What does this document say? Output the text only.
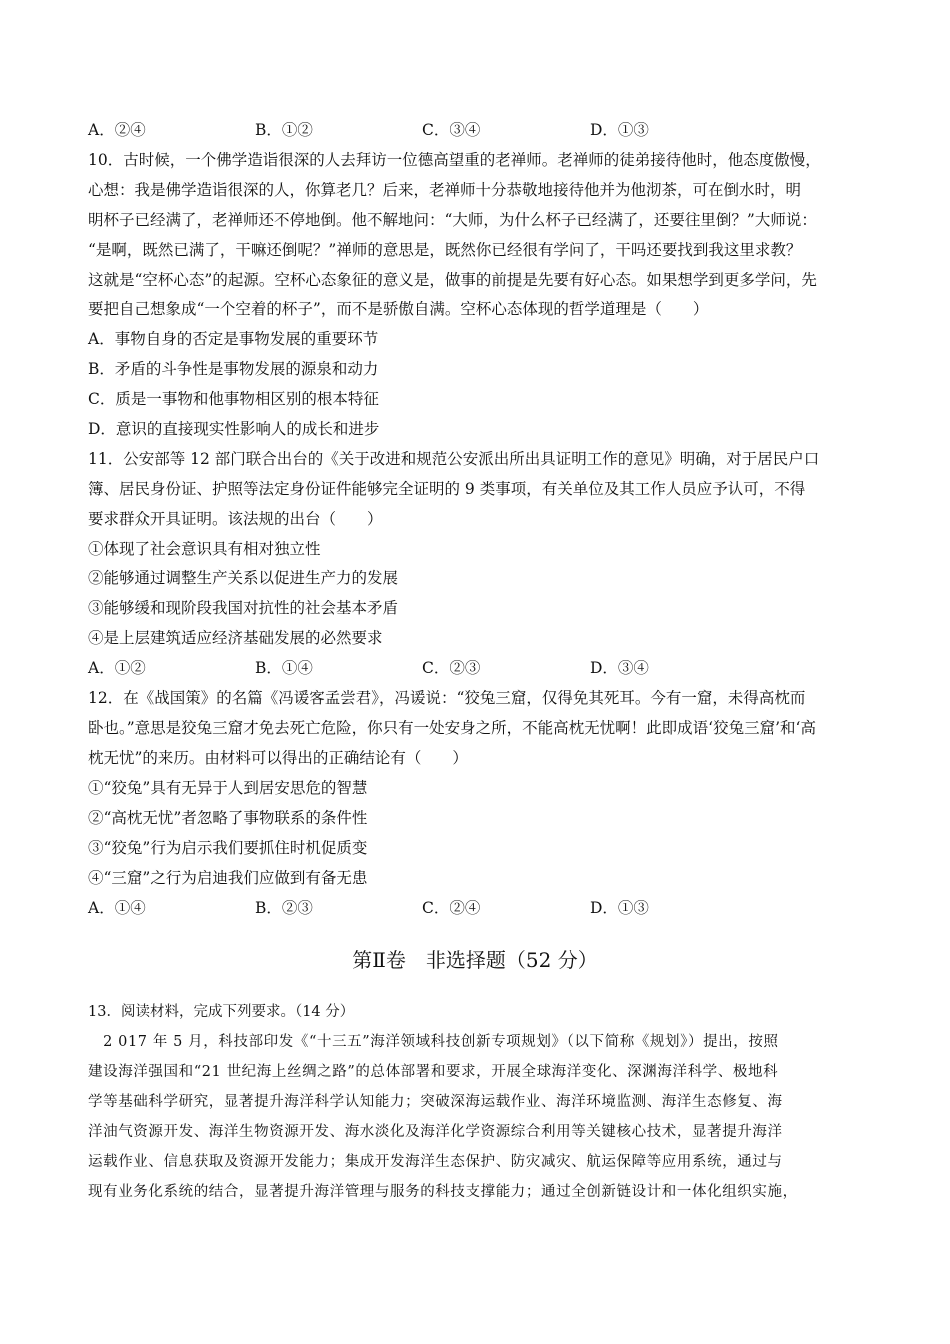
A．②④	B．①②	C．③④	D．①③
10．古时候，一个佛学造诣很深的人去拜访一位德高望重的老禅师。老禅师的徒弟接待他时，他态度傲慢，
心想：我是佛学造诣很深的人，你算老几？后来，老禅师十分恭敬地接待他并为他沏茶，可在倒水时，明
明杯子已经满了，老禅师还不停地倒。他不解地问：“大师，为什么杯子已经满了，还要往里倒？”大师说：
“是啊，既然已满了，干嘛还倒呢？”禅师的意思是，既然你已经很有学问了，干吗还要找到我这里求教？
这就是“空杯心态”的起源。空杯心态象征的意义是，做事的前提是先要有好心态。如果想学到更多学问，先
要把自己想象成“一个空着的杯子”，而不是骄傲自满。空杯心态体现的哲学道理是（　　）
A．事物自身的否定是事物发展的重要环节
B．矛盾的斗争性是事物发展的源泉和动力
C．质是一事物和他事物相区别的根本特征
D．意识的直接现实性影响人的成长和进步
11．公安部等 12 部门联合出台的《关于改进和规范公安派出所出具证明工作的意见》明确，对于居民户口
簿、居民身份证、护照等法定身份证件能够完全证明的 9 类事项，有关单位及其工作人员应予认可，不得
要求群众开具证明。该法规的出台（　　）
①体现了社会意识具有相对独立性
②能够通过调整生产关系以促进生产力的发展
③能够缓和现阶段我国对抗性的社会基本矛盾
④是上层建筑适应经济基础发展的必然要求
A．①②	B．①④	C．②③	D．③④
12．在《战国策》的名篇《冯谖客孟尝君》，冯谖说：“狡兔三窟，仅得免其死耳。今有一窟，未得高枕而
卧也。”意思是狡兔三窟才免去死亡危险，你只有一处安身之所，不能高枕无忧啊！此即成语‘狡兔三窟’和‘高
枕无忧”的来历。由材料可以得出的正确结论有（　　）
①“狡兔”具有无异于人到居安思危的智慧
②“高枕无忧”者忽略了事物联系的条件性
③“狡兔”行为启示我们要抓住时机促质变
④“三窟”之行为启迪我们应做到有备无患
A．①④	B．②③	C．②④	D．①③
第Ⅱ卷　非选择题（52 分）
13．阅读材料，完成下列要求。（14 分）
　2 017 年 5 月，科技部印发《“十三五”海洋领域科技创新专项规划》（以下简称《规划》）提出，按照
建设海洋强国和“21 世纪海上丝绸之路”的总体部署和要求，开展全球海洋变化、深渊海洋科学、极地科
学等基础科学研究，显著提升海洋科学认知能力；突破深海运载作业、海洋环境监测、海洋生态修复、海
洋油气资源开发、海洋生物资源开发、海水淡化及海洋化学资源综合利用等关键核心技术，显著提升海洋
运载作业、信息获取及资源开发能力；集成开发海洋生态保护、防灾减灾、航运保障等应用系统，通过与
现有业务化系统的结合，显著提升海洋管理与服务的科技支撑能力；通过全创新链设计和一体化组织实施，
